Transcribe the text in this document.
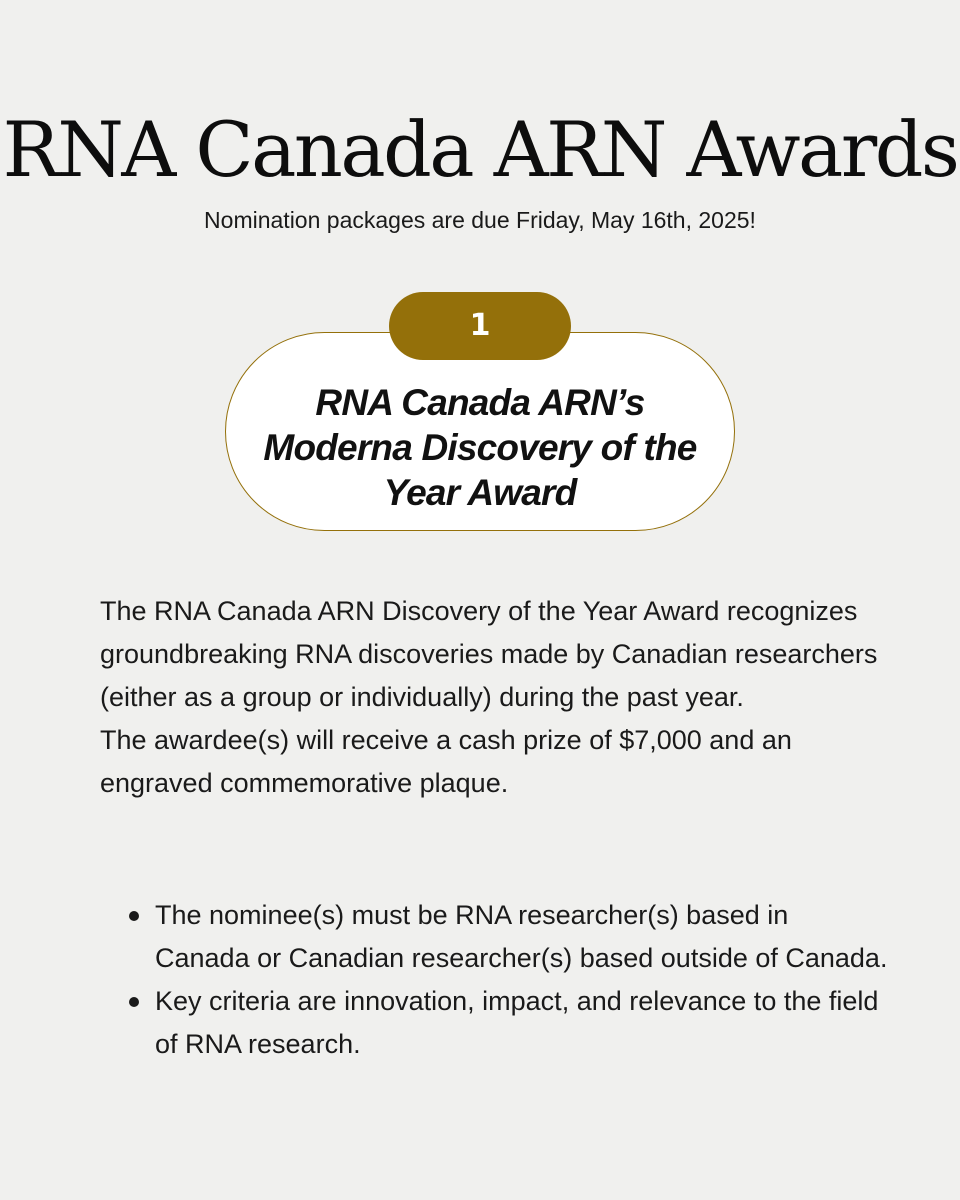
RNA Canada ARN Awards

Nomination packages are due Friday, May 16th, 2025!

1
RNA Canada ARN’s Moderna Discovery of the Year Award

The RNA Canada ARN Discovery of the Year Award recognizes groundbreaking RNA discoveries made by Canadian researchers (either as a group or individually) during the past year.
The awardee(s) will receive a cash prize of $7,000 and an engraved commemorative plaque.

The nominee(s) must be RNA researcher(s) based in Canada or Canadian researcher(s) based outside of Canada.
Key criteria are innovation, impact, and relevance to the field of RNA research.
